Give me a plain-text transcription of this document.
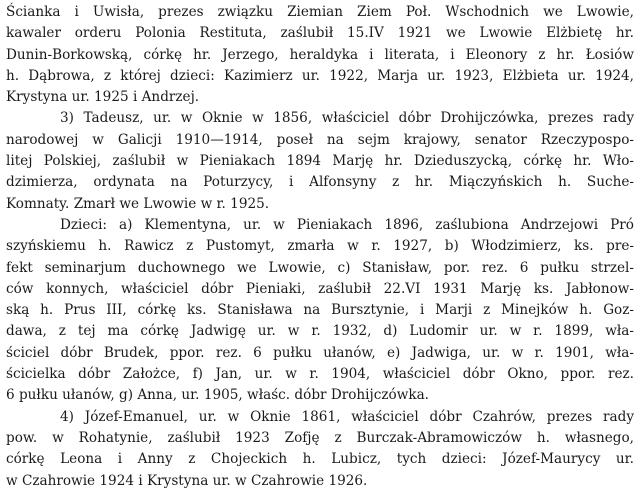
Ścianka i Uwisła, prezes związku Ziemian Ziem Poł. Wschodnich we Lwowie,
kawaler orderu Polonia Restituta, zaślubił 15.IV 1921 we Lwowie Elżbietę hr.
Dunin-Borkowską, córkę hr. Jerzego, heraldyka i literata, i Eleonory z hr. Łosiów
h. Dąbrowa, z której dzieci: Kazimierz ur. 1922, Marja ur. 1923, Elżbieta ur. 1924,
Krystyna ur. 1925 i Andrzej.
3) Tadeusz, ur. w Oknie w 1856, właściciel dóbr Drohijczówka, prezes rady
narodowej w Galicji 1910—1914, poseł na sejm krajowy, senator Rzeczypospo-
litej Polskiej, zaślubił w Pieniakach 1894 Marję hr. Dzieduszycką, córkę hr. Wło-
dzimierza, ordynata na Poturzycy, i Alfonsyny z hr. Miączyńskich h. Suche-
Komnaty. Zmarł we Lwowie w r. 1925.
Dzieci: a) Klementyna, ur. w Pieniakach 1896, zaślubiona Andrzejowi Pró
szyńskiemu h. Rawicz z Pustomyt, zmarła w r. 1927, b) Włodzimierz, ks. pre-
fekt seminarjum duchownego we Lwowie, c) Stanisław, por. rez. 6 pułku strzel-
ców konnych, właściciel dóbr Pieniaki, zaślubił 22.VI 1931 Marję ks. Jabłonow-
ską h. Prus III, córkę ks. Stanisława na Bursztynie, i Marji z Minejków h. Goz-
dawa, z tej ma córkę Jadwigę ur. w r. 1932, d) Ludomir ur. w r. 1899, wła-
ściciel dóbr Brudek, ppor. rez. 6 pułku ułanów, e) Jadwiga, ur. w r. 1901, wła-
ścicielka dóbr Założce, f) Jan, ur. w r. 1904, właściciel dóbr Okno, ppor. rez.
6 pułku ułanów, g) Anna, ur. 1905, właśc. dóbr Drohijczówka.
4) Józef-Emanuel, ur. w Oknie 1861, właściciel dóbr Czahrów, prezes rady
pow. w Rohatynie, zaślubił 1923 Zofję z Burczak-Abramowiczów h. własnego,
córkę Leona i Anny z Chojeckich h. Lubicz, tych dzieci: Józef-Maurycy ur.
w Czahrowie 1924 i Krystyna ur. w Czahrowie 1926.
